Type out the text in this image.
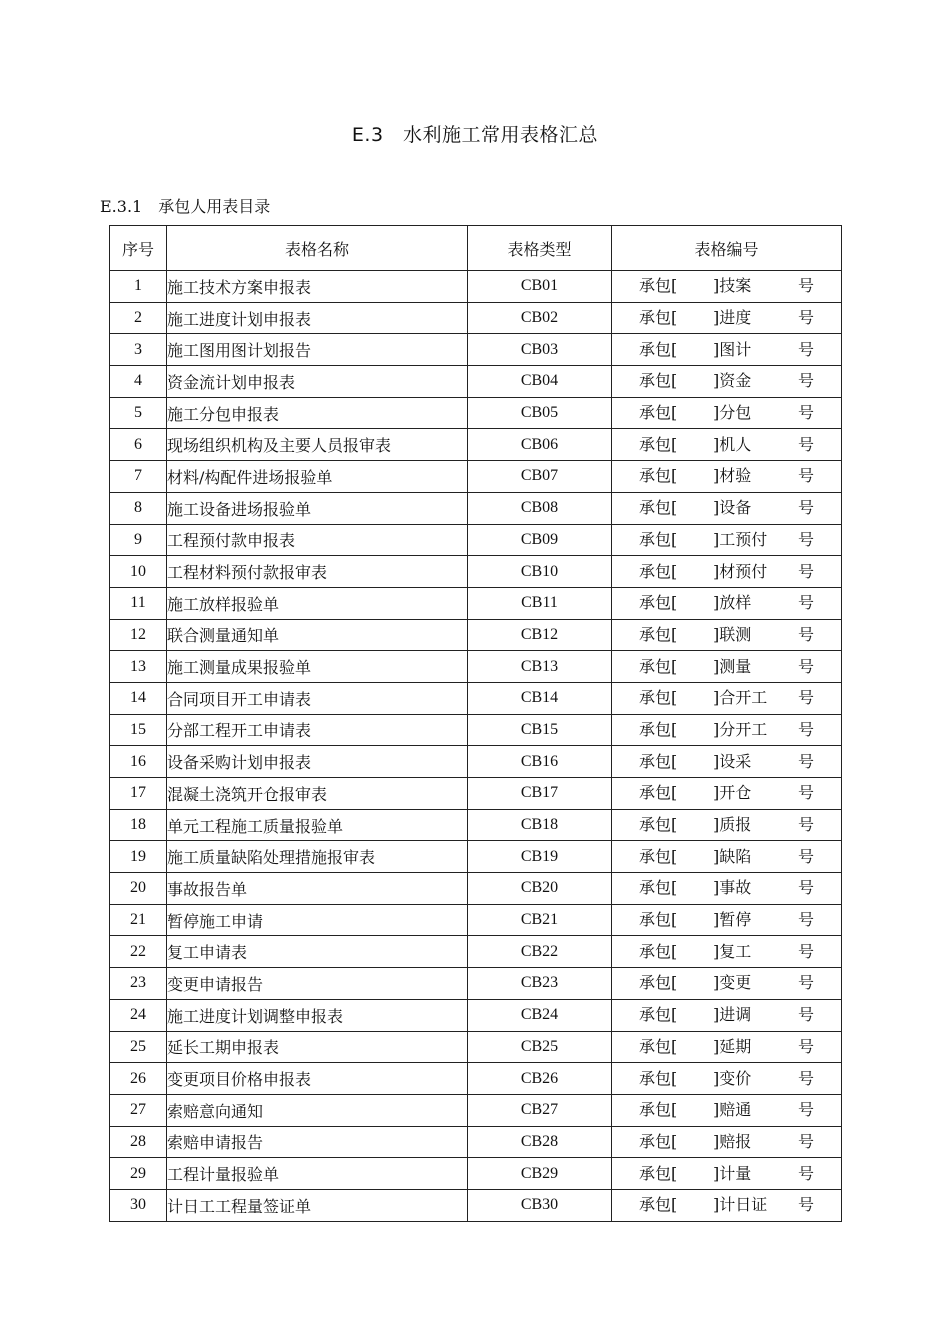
E.3　水利施工常用表格汇总
E.3.1　承包人用表目录
序号	表格名称	表格类型	表格编号
1	施工技术方案申报表	CB01	承包[ ]技案 号

2	施工进度计划申报表	CB02	承包[ ]进度 号

3	施工图用图计划报告	CB03	承包[ ]图计 号

4	资金流计划申报表	CB04	承包[ ]资金 号

5	施工分包申报表	CB05	承包[ ]分包 号

6	现场组织机构及主要人员报审表	CB06	承包[ ]机人 号

7	材料/构配件进场报验单	CB07	承包[ ]材验 号

8	施工设备进场报验单	CB08	承包[ ]设备 号

9	工程预付款申报表	CB09	承包[ ]工预付 号

10	工程材料预付款报审表	CB10	承包[ ]材预付 号

11	施工放样报验单	CB11	承包[ ]放样 号

12	联合测量通知单	CB12	承包[ ]联测 号

13	施工测量成果报验单	CB13	承包[ ]测量 号

14	合同项目开工申请表	CB14	承包[ ]合开工 号

15	分部工程开工申请表	CB15	承包[ ]分开工 号

16	设备采购计划申报表	CB16	承包[ ]设采 号

17	混凝土浇筑开仓报审表	CB17	承包[ ]开仓 号

18	单元工程施工质量报验单	CB18	承包[ ]质报 号

19	施工质量缺陷处理措施报审表	CB19	承包[ ]缺陷 号

20	事故报告单	CB20	承包[ ]事故 号

21	暂停施工申请	CB21	承包[ ]暂停 号

22	复工申请表	CB22	承包[ ]复工 号

23	变更申请报告	CB23	承包[ ]变更 号

24	施工进度计划调整申报表	CB24	承包[ ]进调 号

25	延长工期申报表	CB25	承包[ ]延期 号

26	变更项目价格申报表	CB26	承包[ ]变价 号

27	索赔意向通知	CB27	承包[ ]赔通 号

28	索赔申请报告	CB28	承包[ ]赔报 号

29	工程计量报验单	CB29	承包[ ]计量 号

30	计日工工程量签证单	CB30	承包[ ]计日证 号
